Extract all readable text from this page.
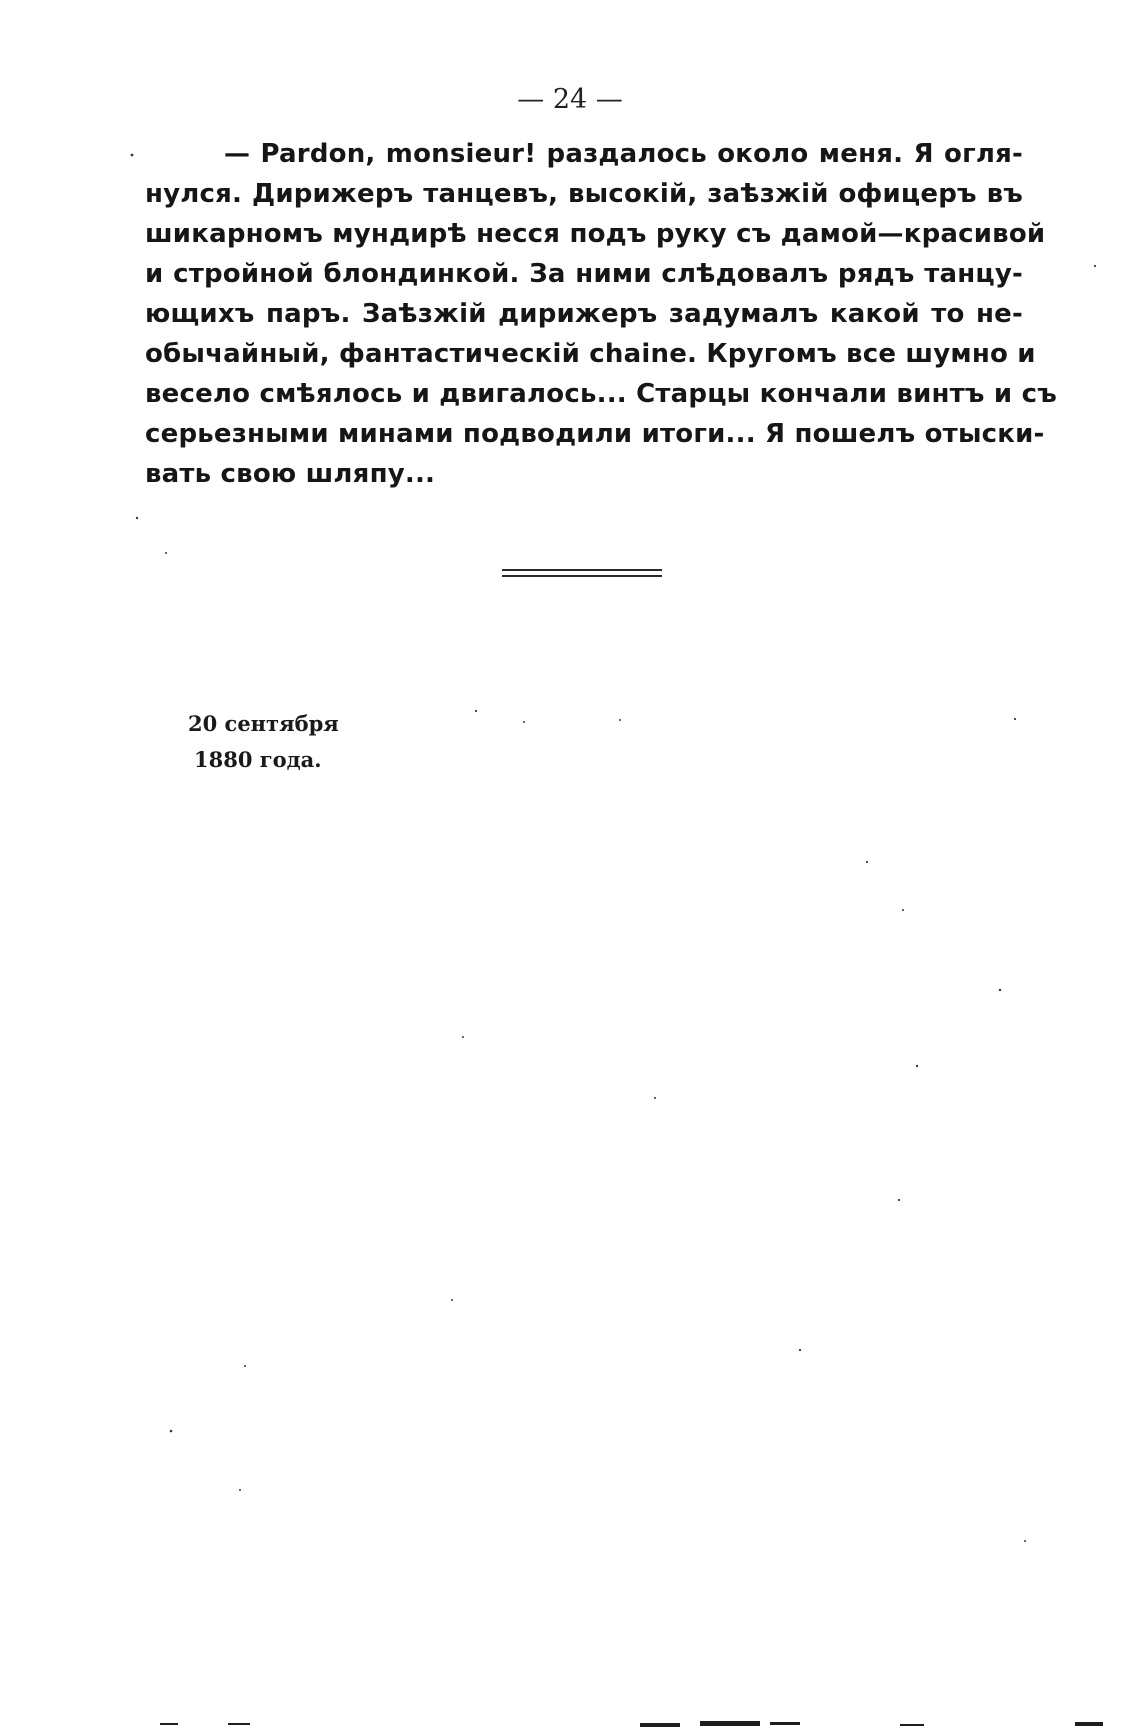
— 24 —
— Pardon, monsieur! раздалось около меня. Я огля-
нулся. Дирижеръ танцевъ, высокій, заѣзжій офицеръ въ
шикарномъ мундирѣ несся подъ руку съ дамой—красивой
и стройной блондинкой. За ними слѣдовалъ рядъ танцу-
ющихъ паръ. Заѣзжій дирижеръ задумалъ какой то не-
обычайный, фантастическій chaine. Кругомъ все шумно и
весело смѣялось и двигалось... Старцы кончали винтъ и съ
серьезными минами подводили итоги... Я пошелъ отыски-
вать свою шляпу...
20 сентября
1880 года.
